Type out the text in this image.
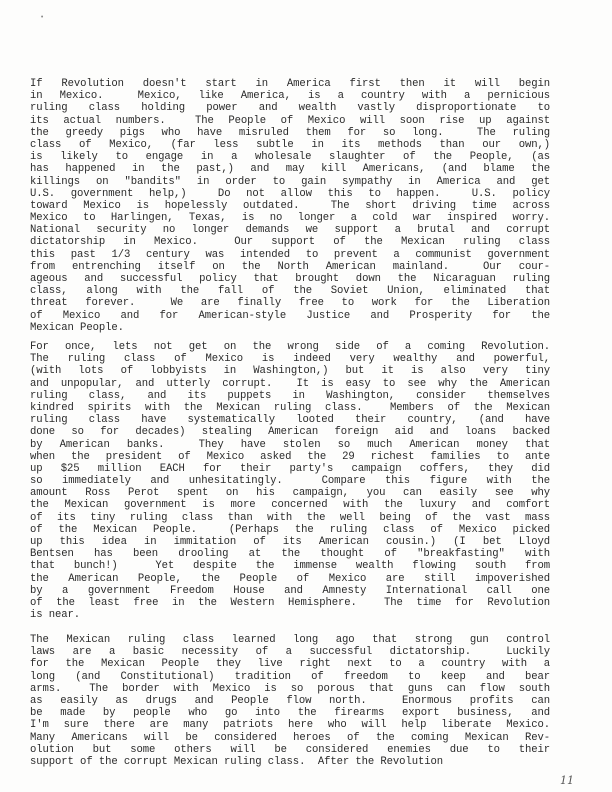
•
If Revolution doesn't start in America first then it will begin
in Mexico.  Mexico, like America, is a country with a pernicious
ruling class holding power and wealth vastly disproportionate to
its actual numbers.  The People of Mexico will soon rise up against
the greedy pigs who have misruled them for so long.  The ruling
class of Mexico, (far less subtle in its methods than our own,)
is likely to engage in a wholesale slaughter of the People, (as
has happened in the past,) and may kill Americans, (and blame the
killings on "bandits" in order to gain sympathy in America and get
U.S. government help,)  Do not allow this to happen.  U.S. policy
toward Mexico is hopelessly outdated.  The short driving time across
Mexico to Harlingen, Texas, is no longer a cold war inspired worry.
National security no longer demands we support a brutal and corrupt
dictatorship in Mexico.  Our support of the Mexican ruling class
this past 1/3 century was intended to prevent a communist government
from entrenching itself on the North American mainland.  Our cour-
ageous and successful policy that brought down the Nicaraguan ruling
class, along with the fall of the Soviet Union, eliminated that
threat forever.  We are finally free to work for the Liberation
of Mexico and for American-style Justice and Prosperity for the
Mexican People.
For once, lets not get on the wrong side of a coming Revolution.
The ruling class of Mexico is indeed very wealthy and powerful,
(with lots of lobbyists in Washington,) but it is also very tiny
and unpopular, and utterly corrupt.  It is easy to see why the American
ruling class, and its puppets in Washington, consider themselves
kindred spirits with the Mexican ruling class.  Members of the Mexican
ruling class have systematically looted their country, (and have
done so for decades) stealing American foreign aid and loans backed
by American banks.  They have stolen so much American money that
when the president of Mexico asked the 29 richest families to ante
up $25 million EACH for their party's campaign coffers, they did
so immediately and unhesitatingly.  Compare this figure with the
amount Ross Perot spent on his campaign, you can easily see why
the Mexican government is more concerned with the luxury and comfort
of its tiny ruling class than with the well being of the vast mass
of the Mexican People.  (Perhaps the ruling class of Mexico picked
up this idea in immitation of its American cousin.) (I bet Lloyd
Bentsen has been drooling at the thought of "breakfasting" with
that bunch!)  Yet despite the immense wealth flowing south from
the American People, the People of Mexico are still impoverished
by a government Freedom House and Amnesty International call one
of the least free in the Western Hemisphere.  The time for Revolution
is near.
The Mexican ruling class learned long ago that strong gun control
laws are a basic necessity of a successful dictatorship.  Luckily
for the Mexican People they live right next to a country with a
long (and Constitutional) tradition of freedom to keep and bear
arms.  The border with Mexico is so porous that guns can flow south
as easily as drugs and People flow north.  Enormous profits can
be made by people who go into the firearms export business, and
I'm sure there are many patriots here who will help liberate Mexico.
Many Americans will be considered heroes of the coming Mexican Rev-
olution but some others will be considered enemies due to their
support of the corrupt Mexican ruling class.  After the Revolution
11
